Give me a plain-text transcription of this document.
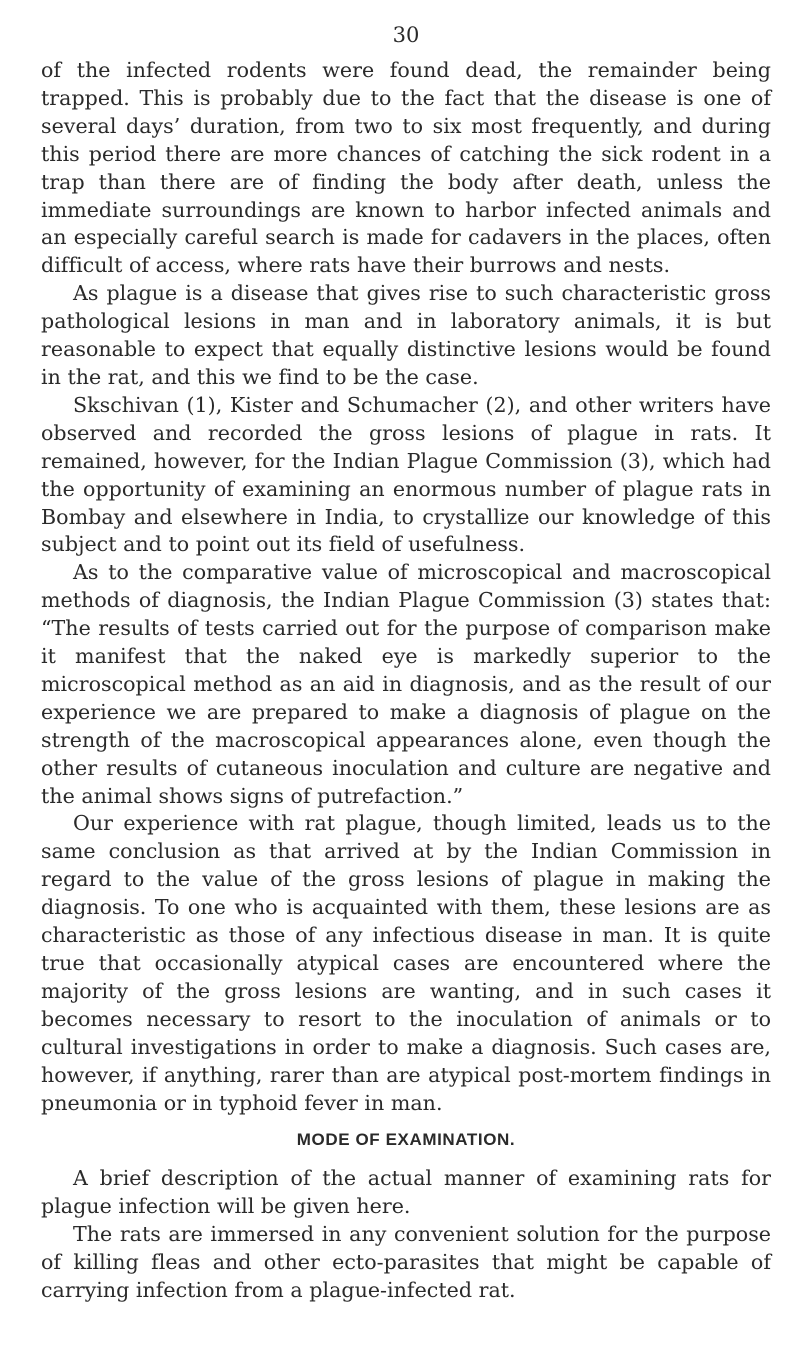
30

of the infected rodents were found dead, the remainder being trapped. This is probably due to the fact that the disease is one of several days’ duration, from two to six most frequently, and during this period there are more chances of catching the sick rodent in a trap than there are of finding the body after death, unless the immediate surroundings are known to harbor infected animals and an especially careful search is made for cadavers in the places, often difficult of access, where rats have their burrows and nests.

As plague is a disease that gives rise to such characteristic gross pathological lesions in man and in laboratory animals, it is but reasonable to expect that equally distinctive lesions would be found in the rat, and this we find to be the case.

Skschivan (1), Kister and Schumacher (2), and other writers have observed and recorded the gross lesions of plague in rats. It remained, however, for the Indian Plague Commission (3), which had the opportunity of examining an enormous number of plague rats in Bombay and elsewhere in India, to crystallize our knowledge of this subject and to point out its field of usefulness.

As to the comparative value of microscopical and macroscopical methods of diagnosis, the Indian Plague Commission (3) states that: “The results of tests carried out for the purpose of comparison make it manifest that the naked eye is markedly superior to the microscopical method as an aid in diagnosis, and as the result of our experience we are prepared to make a diagnosis of plague on the strength of the macroscopical appearances alone, even though the other results of cutaneous inoculation and culture are negative and the animal shows signs of putrefaction.”

Our experience with rat plague, though limited, leads us to the same conclusion as that arrived at by the Indian Commission in regard to the value of the gross lesions of plague in making the diagnosis. To one who is acquainted with them, these lesions are as characteristic as those of any infectious disease in man. It is quite true that occasionally atypical cases are encountered where the majority of the gross lesions are wanting, and in such cases it becomes necessary to resort to the inoculation of animals or to cultural investigations in order to make a diagnosis. Such cases are, however, if anything, rarer than are atypical post-mortem findings in pneumonia or in typhoid fever in man.

MODE OF EXAMINATION.

A brief description of the actual manner of examining rats for plague infection will be given here.

The rats are immersed in any convenient solution for the purpose of killing fleas and other ecto-parasites that might be capable of carrying infection from a plague-infected rat.
